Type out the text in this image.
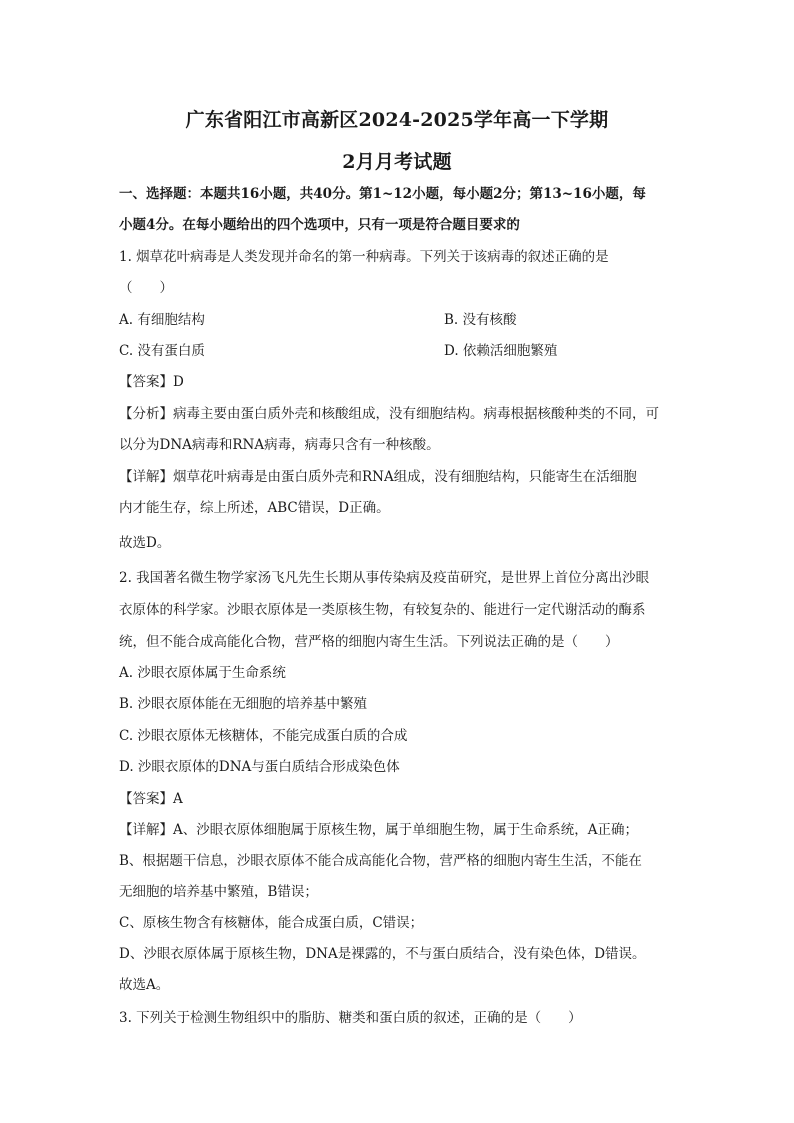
广东省阳江市高新区2024-2025学年高一下学期
2月月考试题
一、选择题：本题共16小题，共40分。第1~12小题，每小题2分；第13~16小题，每
小题4分。在每小题给出的四个选项中，只有一项是符合题目要求的
1. 烟草花叶病毒是人类发现并命名的第一种病毒。下列关于该病毒的叙述正确的是
（　　）
A. 有细胞结构	B. 没有核酸
C. 没有蛋白质	D. 依赖活细胞繁殖
【答案】D
【分析】病毒主要由蛋白质外壳和核酸组成，没有细胞结构。病毒根据核酸种类的不同，可
以分为DNA病毒和RNA病毒，病毒只含有一种核酸。
【详解】烟草花叶病毒是由蛋白质外壳和RNA组成，没有细胞结构，只能寄生在活细胞
内才能生存，综上所述，ABC错误，D正确。
故选D。
2. 我国著名微生物学家汤飞凡先生长期从事传染病及疫苗研究，是世界上首位分离出沙眼
衣原体的科学家。沙眼衣原体是一类原核生物，有较复杂的、能进行一定代谢活动的酶系
统，但不能合成高能化合物，营严格的细胞内寄生生活。下列说法正确的是（　　）
A. 沙眼衣原体属于生命系统
B. 沙眼衣原体能在无细胞的培养基中繁殖
C. 沙眼衣原体无核糖体，不能完成蛋白质的合成
D. 沙眼衣原体的DNA与蛋白质结合形成染色体
【答案】A
【详解】A、沙眼衣原体细胞属于原核生物，属于单细胞生物，属于生命系统，A正确；
B、根据题干信息，沙眼衣原体不能合成高能化合物，营严格的细胞内寄生生活，不能在
无细胞的培养基中繁殖，B错误；
C、原核生物含有核糖体，能合成蛋白质，C错误；
D、沙眼衣原体属于原核生物，DNA是裸露的，不与蛋白质结合，没有染色体，D错误。
故选A。
3. 下列关于检测生物组织中的脂肪、糖类和蛋白质的叙述，正确的是（　　）
